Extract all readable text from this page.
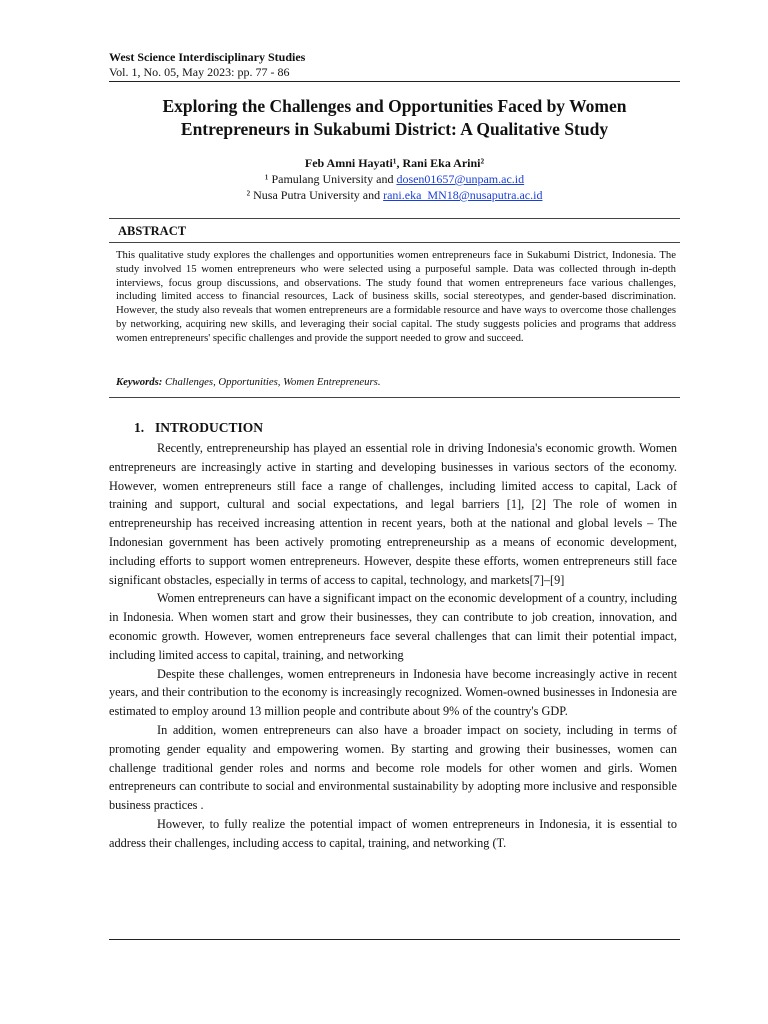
West Science Interdisciplinary Studies
Vol. 1, No. 05, May 2023: pp. 77 - 86
Exploring the Challenges and Opportunities Faced by Women
Entrepreneurs in Sukabumi District: A Qualitative Study
Feb Amni Hayati¹, Rani Eka Arini²
¹ Pamulang University and dosen01657@unpam.ac.id
² Nusa Putra University and rani.eka_MN18@nusaputra.ac.id
ABSTRACT
This qualitative study explores the challenges and opportunities women entrepreneurs face in Sukabumi District, Indonesia. The study involved 15 women entrepreneurs who were selected using a purposeful sample. Data was collected through in-depth interviews, focus group discussions, and observations. The study found that women entrepreneurs face various challenges, including limited access to financial resources, Lack of business skills, social stereotypes, and gender-based discrimination. However, the study also reveals that women entrepreneurs are a formidable resource and have ways to overcome those challenges by networking, acquiring new skills, and leveraging their social capital. The study suggests policies and programs that address women entrepreneurs' specific challenges and provide the support needed to grow and succeed.
Keywords: Challenges, Opportunities, Women Entrepreneurs.
1. INTRODUCTION

Recently, entrepreneurship has played an essential role in driving Indonesia's economic growth. Women entrepreneurs are increasingly active in starting and developing businesses in various sectors of the economy. However, women entrepreneurs still face a range of challenges, including limited access to capital, Lack of training and support, cultural and social expectations, and legal barriers [1], [2] The role of women in entrepreneurship has received increasing attention in recent years, both at the national and global levels – The Indonesian government has been actively promoting entrepreneurship as a means of economic development, including efforts to support women entrepreneurs. However, despite these efforts, women entrepreneurs still face significant obstacles, especially in terms of access to capital, technology, and markets[7]–[9]

Women entrepreneurs can have a significant impact on the economic development of a country, including in Indonesia. When women start and grow their businesses, they can contribute to job creation, innovation, and economic growth. However, women entrepreneurs face several challenges that can limit their potential impact, including limited access to capital, training, and networking

Despite these challenges, women entrepreneurs in Indonesia have become increasingly active in recent years, and their contribution to the economy is increasingly recognized. Women-owned businesses in Indonesia are estimated to employ around 13 million people and contribute about 9% of the country's GDP.

In addition, women entrepreneurs can also have a broader impact on society, including in terms of promoting gender equality and empowering women. By starting and growing their businesses, women can challenge traditional gender roles and norms and become role models for other women and girls. Women entrepreneurs can contribute to social and environmental sustainability by adopting more inclusive and responsible business practices .

However, to fully realize the potential impact of women entrepreneurs in Indonesia, it is essential to address their challenges, including access to capital, training, and networking (T.
